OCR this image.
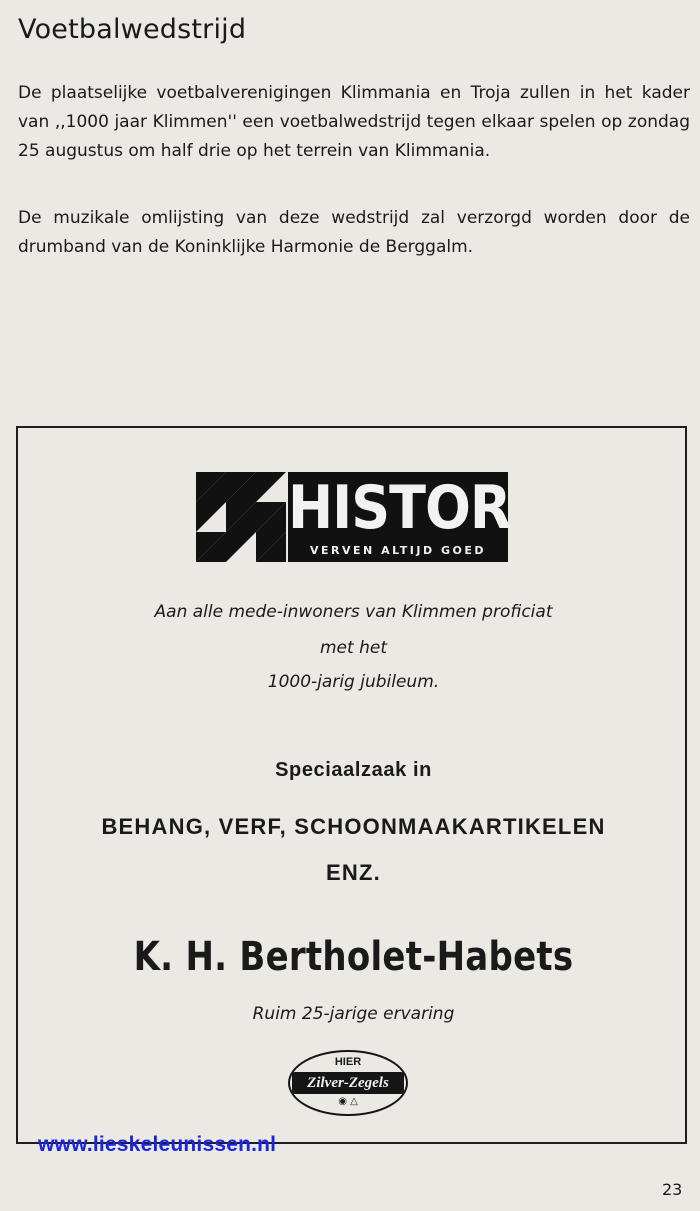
Voetbalwedstrijd

De plaatselijke voetbalverenigingen Klimmania en Troja zullen in het kader van ,,1000 jaar Klimmen'' een voetbalwedstrijd tegen elkaar spelen op zondag 25 augustus om half drie op het terrein van Klimmania.

De muzikale omlijsting van deze wedstrijd zal verzorgd worden door de drumband van de Koninklijke Harmonie de Berggalm.

HISTOR
VERVEN ALTIJD GOED
Aan alle mede-inwoners van Klimmen proficiat
met het
1000-jarig jubileum.
Speciaalzaak in
BEHANG, VERF, SCHOONMAAKARTIKELEN
ENZ.
K. H. Bertholet-Habets
Ruim 25-jarige ervaring
HIER
Zilver-Zegels
◉ △
www.lieskeleunissen.nl
23
